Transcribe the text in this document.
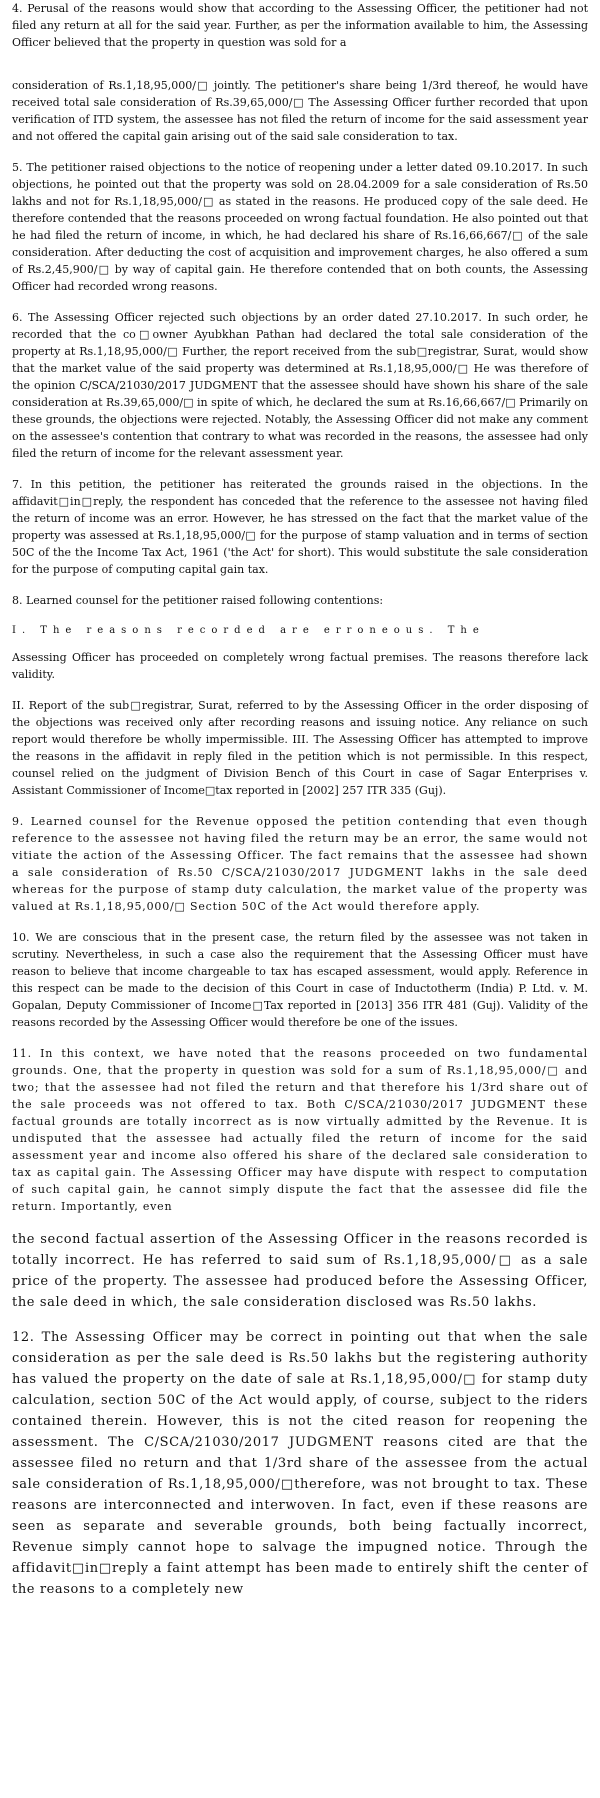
4. Perusal of the reasons would show that according to the Assessing Officer, the petitioner had not filed any return at all for the said year. Further, as per the information available to him, the Assessing Officer believed that the property in question was sold for a

consideration of Rs.1,18,95,000/□ jointly. The petitioner's share being 1/3rd thereof, he would have received total sale consideration of Rs.39,65,000/□ The Assessing Officer further recorded that upon verification of ITD system, the assessee has not filed the return of income for the said assessment year and not offered the capital gain arising out of the said sale consideration to tax.

5. The petitioner raised objections to the notice of reopening under a letter dated 09.10.2017. In such objections, he pointed out that the property was sold on 28.04.2009 for a sale consideration of Rs.50 lakhs and not for Rs.1,18,95,000/□ as stated in the reasons. He produced copy of the sale deed. He therefore contended that the reasons proceeded on wrong factual foundation. He also pointed out that he had filed the return of income, in which, he had declared his share of Rs.16,66,667/□ of the sale consideration. After deducting the cost of acquisition and improvement charges, he also offered a sum of Rs.2,45,900/□ by way of capital gain. He therefore contended that on both counts, the Assessing Officer had recorded wrong reasons.

6. The Assessing Officer rejected such objections by an order dated 27.10.2017. In such order, he recorded that the co□owner Ayubkhan Pathan had declared the total sale consideration of the property at Rs.1,18,95,000/□ Further, the report received from the sub□registrar, Surat, would show that the market value of the said property was determined at Rs.1,18,95,000/□ He was therefore of the opinion C/SCA/21030/2017 JUDGMENT that the assessee should have shown his share of the sale consideration at Rs.39,65,000/□ in spite of which, he declared the sum at Rs.16,66,667/□ Primarily on these grounds, the objections were rejected. Notably, the Assessing Officer did not make any comment on the assessee's contention that contrary to what was recorded in the reasons, the assessee had only filed the return of income for the relevant assessment year.

7. In this petition, the petitioner has reiterated the grounds raised in the objections. In the affidavit□in□reply, the respondent has conceded that the reference to the assessee not having filed the return of income was an error. However, he has stressed on the fact that the market value of the property was assessed at Rs.1,18,95,000/□ for the purpose of stamp valuation and in terms of section 50C of the the Income Tax Act, 1961 ('the Act' for short). This would substitute the sale consideration for the purpose of computing capital gain tax.

8. Learned counsel for the petitioner raised following contentions:

I. The reasons recorded are erroneous. The

Assessing Officer has proceeded on completely wrong factual premises. The reasons therefore lack validity.

II. Report of the sub□registrar, Surat, referred to by the Assessing Officer in the order disposing of the objections was received only after recording reasons and issuing notice. Any reliance on such report would therefore be wholly impermissible. III. The Assessing Officer has attempted to improve the reasons in the affidavit in reply filed in the petition which is not permissible. In this respect, counsel relied on the judgment of Division Bench of this Court in case of Sagar Enterprises v. Assistant Commissioner of Income□tax reported in [2002] 257 ITR 335 (Guj).

9. Learned counsel for the Revenue opposed the petition contending that even though reference to the assessee not having filed the return may be an error, the same would not vitiate the action of the Assessing Officer. The fact remains that the assessee had shown a sale consideration of Rs.50 C/SCA/21030/2017 JUDGMENT lakhs in the sale deed whereas for the purpose of stamp duty calculation, the market value of the property was valued at Rs.1,18,95,000/□ Section 50C of the Act would therefore apply.

10. We are conscious that in the present case, the return filed by the assessee was not taken in scrutiny. Nevertheless, in such a case also the requirement that the Assessing Officer must have reason to believe that income chargeable to tax has escaped assessment, would apply. Reference in this respect can be made to the decision of this Court in case of Inductotherm (India) P. Ltd. v. M. Gopalan, Deputy Commissioner of Income□Tax reported in [2013] 356 ITR 481 (Guj). Validity of the reasons recorded by the Assessing Officer would therefore be one of the issues.

11. In this context, we have noted that the reasons proceeded on two fundamental grounds. One, that the property in question was sold for a sum of Rs.1,18,95,000/□ and two; that the assessee had not filed the return and that therefore his 1/3rd share out of the sale proceeds was not offered to tax. Both C/SCA/21030/2017 JUDGMENT these factual grounds are totally incorrect as is now virtually admitted by the Revenue. It is undisputed that the assessee had actually filed the return of income for the said assessment year and income also offered his share of the declared sale consideration to tax as capital gain. The Assessing Officer may have dispute with respect to computation of such capital gain, he cannot simply dispute the fact that the assessee did file the return. Importantly, even

the second factual assertion of the Assessing Officer in the reasons recorded is totally incorrect. He has referred to said sum of Rs.1,18,95,000/□ as a sale price of the property. The assessee had produced before the Assessing Officer, the sale deed in which, the sale consideration disclosed was Rs.50 lakhs.

12. The Assessing Officer may be correct in pointing out that when the sale consideration as per the sale deed is Rs.50 lakhs but the registering authority has valued the property on the date of sale at Rs.1,18,95,000/□ for stamp duty calculation, section 50C of the Act would apply, of course, subject to the riders contained therein. However, this is not the cited reason for reopening the assessment. The C/SCA/21030/2017 JUDGMENT reasons cited are that the assessee filed no return and that 1/3rd share of the assessee from the actual sale consideration of Rs.1,18,95,000/□therefore, was not brought to tax. These reasons are interconnected and interwoven. In fact, even if these reasons are seen as separate and severable grounds, both being factually incorrect, Revenue simply cannot hope to salvage the impugned notice. Through the affidavit□in□reply a faint attempt has been made to entirely shift the center of the reasons to a completely new
